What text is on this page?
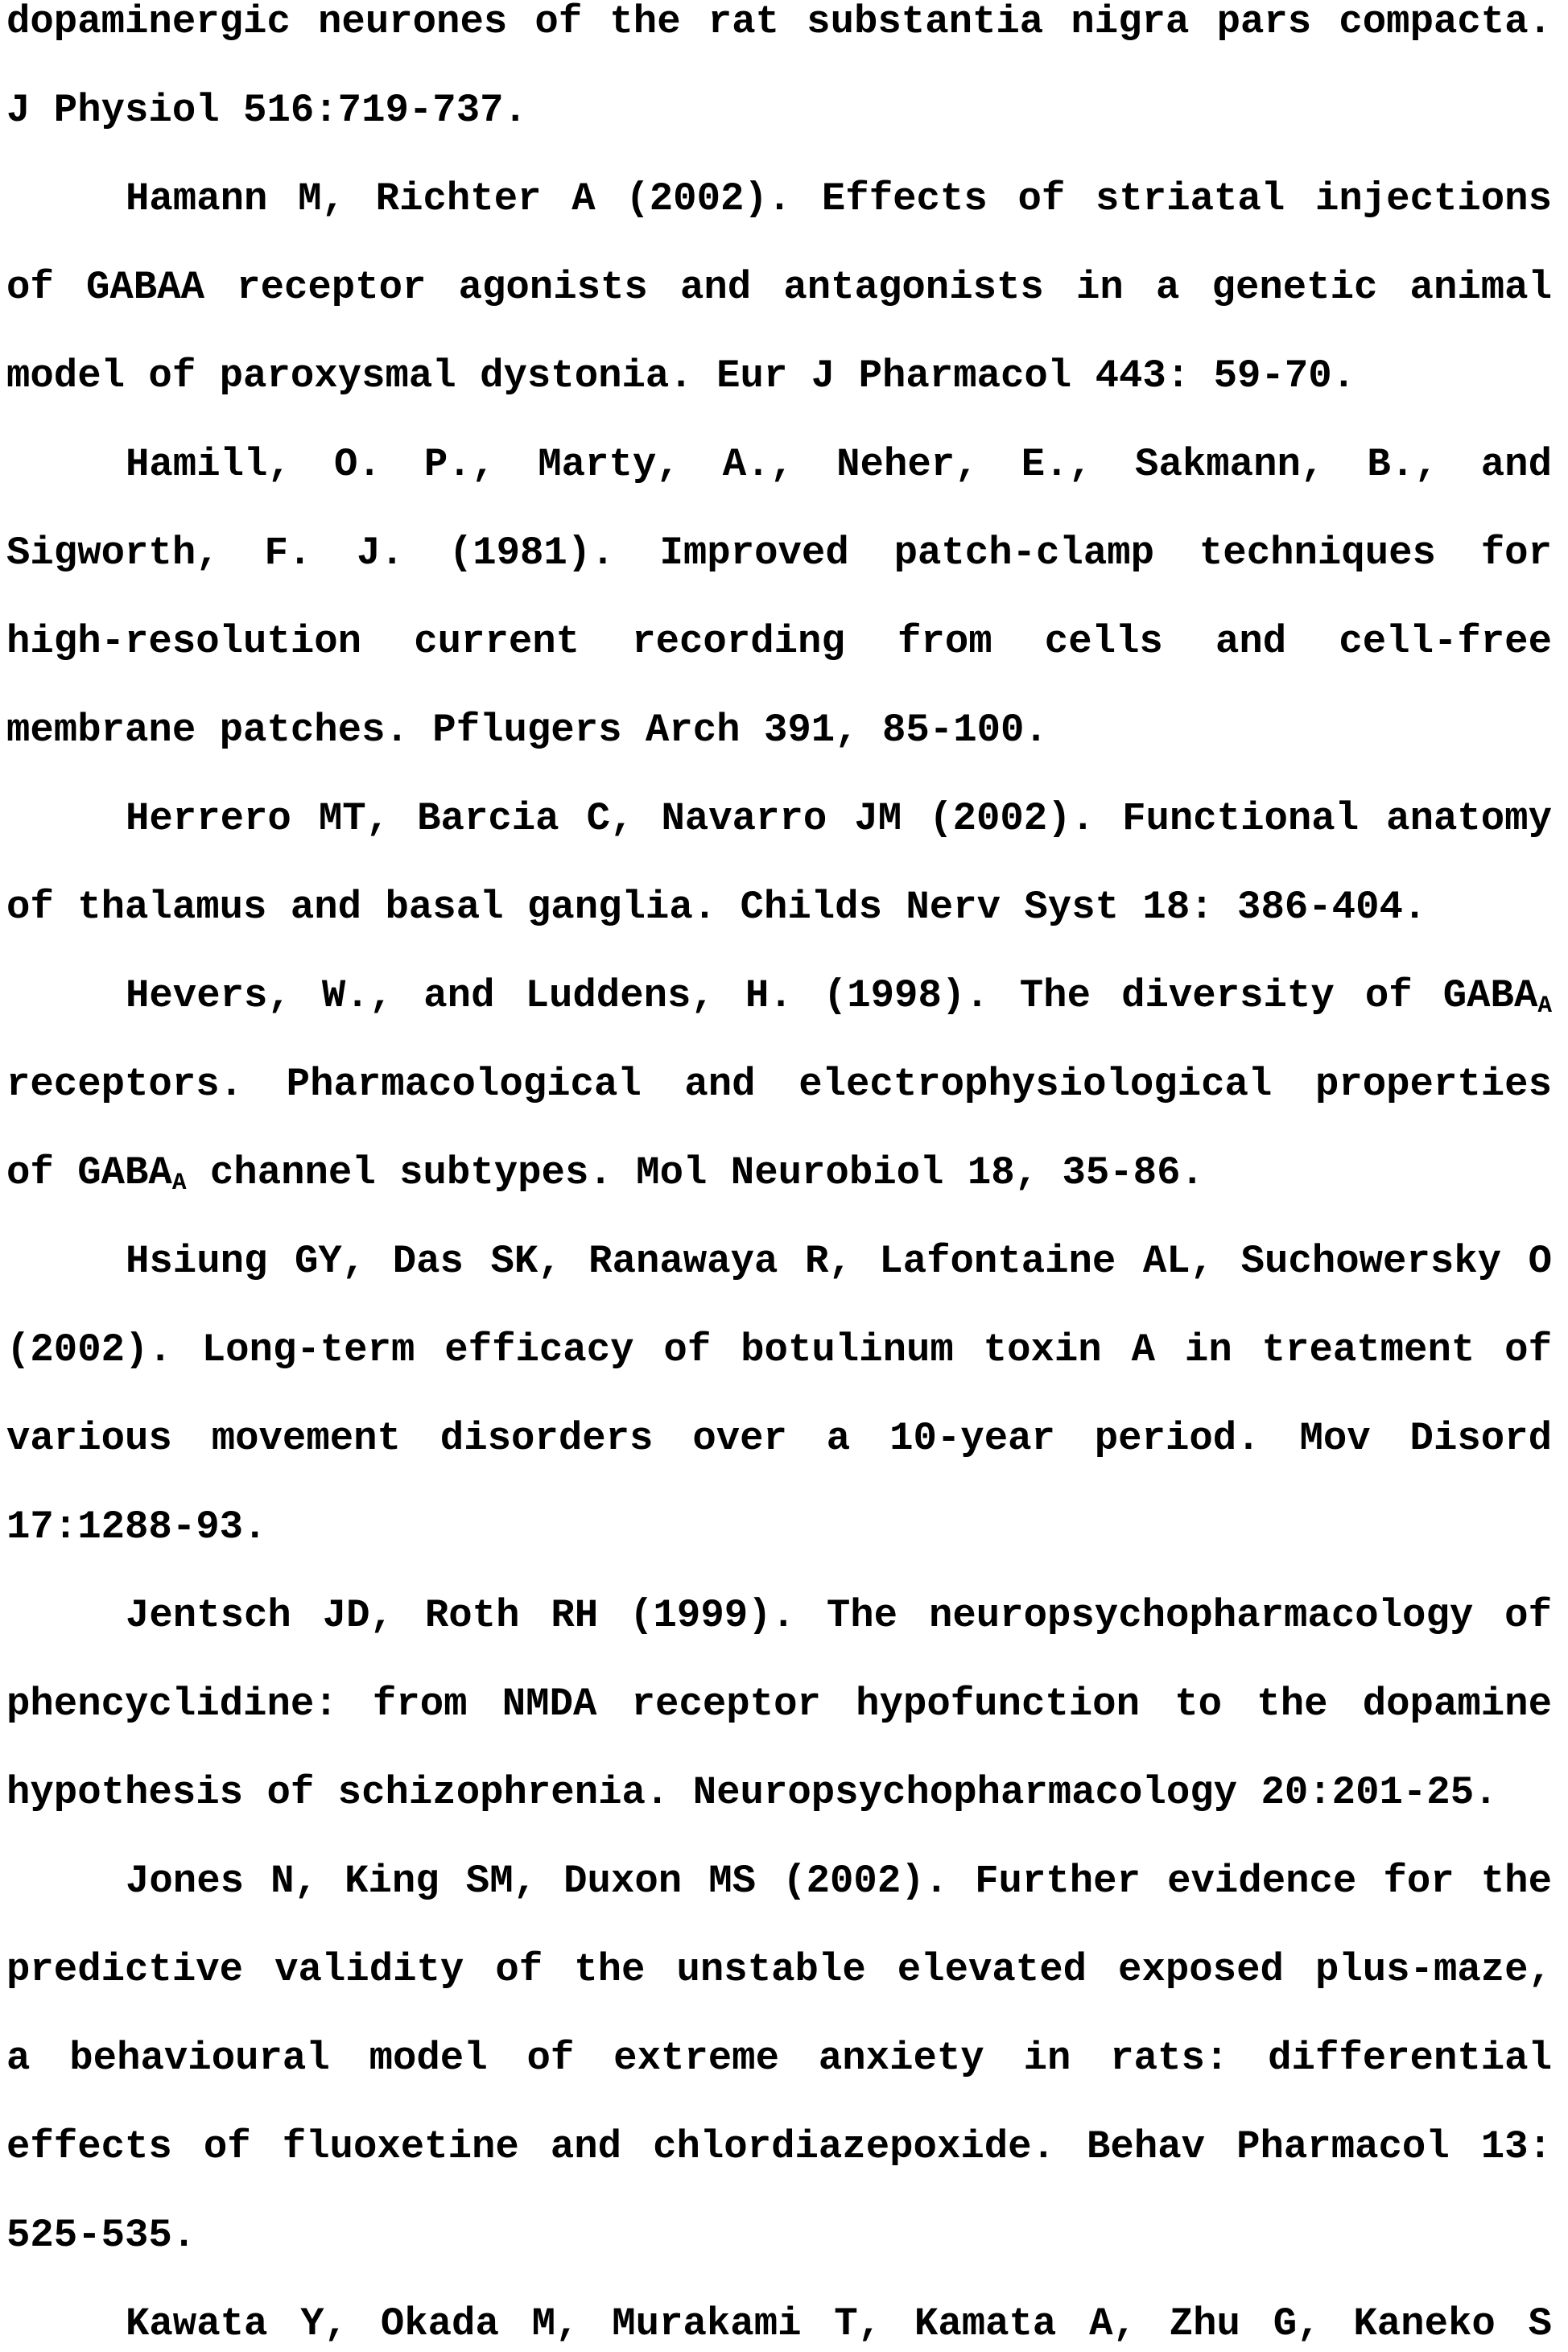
dopaminergic neurones of the rat substantia nigra pars compacta.
J Physiol 516:719-737.
Hamann M, Richter A (2002). Effects of striatal injections
of GABAA receptor agonists and antagonists in a genetic animal
model of paroxysmal dystonia. Eur J Pharmacol 443: 59-70.
Hamill, O. P., Marty, A., Neher, E., Sakmann, B., and
Sigworth, F. J. (1981). Improved patch-clamp techniques for
high-resolution current recording from cells and cell-free
membrane patches. Pflugers Arch 391, 85-100.
Herrero MT, Barcia C, Navarro JM (2002). Functional anatomy
of thalamus and basal ganglia. Childs Nerv Syst 18: 386-404.
Hevers, W., and Luddens, H. (1998). The diversity of $GABA_A$
receptors. Pharmacological and electrophysiological properties
of $GABA_A$ channel subtypes. Mol Neurobiol 18, 35-86.
Hsiung GY, Das SK, Ranawaya R, Lafontaine AL, Suchowersky O
(2002). Long-term efficacy of botulinum toxin A in treatment of
various movement disorders over a 10-year period. Mov Disord
17:1288-93.
Jentsch JD, Roth RH (1999). The neuropsychopharmacology of
phencyclidine: from NMDA receptor hypofunction to the dopamine
hypothesis of schizophrenia. Neuropsychopharmacology 20:201-25.
Jones N, King SM, Duxon MS (2002). Further evidence for the
predictive validity of the unstable elevated exposed plus-maze,
a behavioural model of extreme anxiety in rats: differential
effects of fluoxetine and chlordiazepoxide. Behav Pharmacol 13:
525-535.
Kawata Y, Okada M, Murakami T, Kamata A, Zhu G, Kaneko S
